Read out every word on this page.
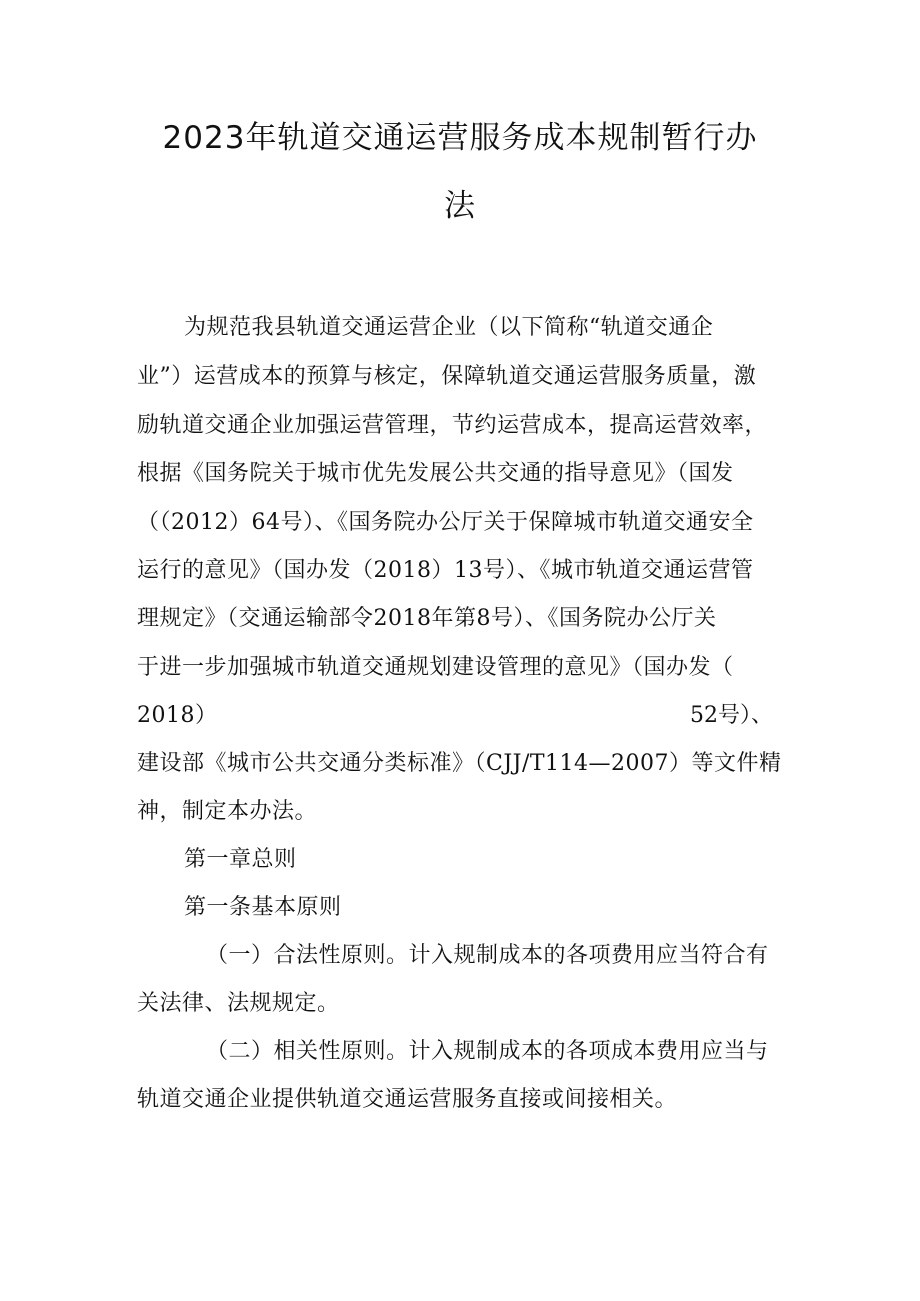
2023年轨道交通运营服务成本规制暂行办
法
为规范我县轨道交通运营企业（以下简称“轨道交通企
业”）运营成本的预算与核定，保障轨道交通运营服务质量，激
励轨道交通企业加强运营管理，节约运营成本，提高运营效率，
根据《国务院关于城市优先发展公共交通的指导意见》（国发
（（2012）64号）、《国务院办公厅关于保障城市轨道交通安全
运行的意见》（国办发（2018）13号）、《城市轨道交通运营管
理规定》（交通运输部令2018年第8号）、《国务院办公厅关
于进一步加强城市轨道交通规划建设管理的意见》（国办发（
2018）	52号）、
建设部《城市公共交通分类标准》（CJJ/T114—2007）等文件精
神，制定本办法。
第一章总则
第一条基本原则
（一）合法性原则。计入规制成本的各项费用应当符合有
关法律、法规规定。
（二）相关性原则。计入规制成本的各项成本费用应当与
轨道交通企业提供轨道交通运营服务直接或间接相关。
